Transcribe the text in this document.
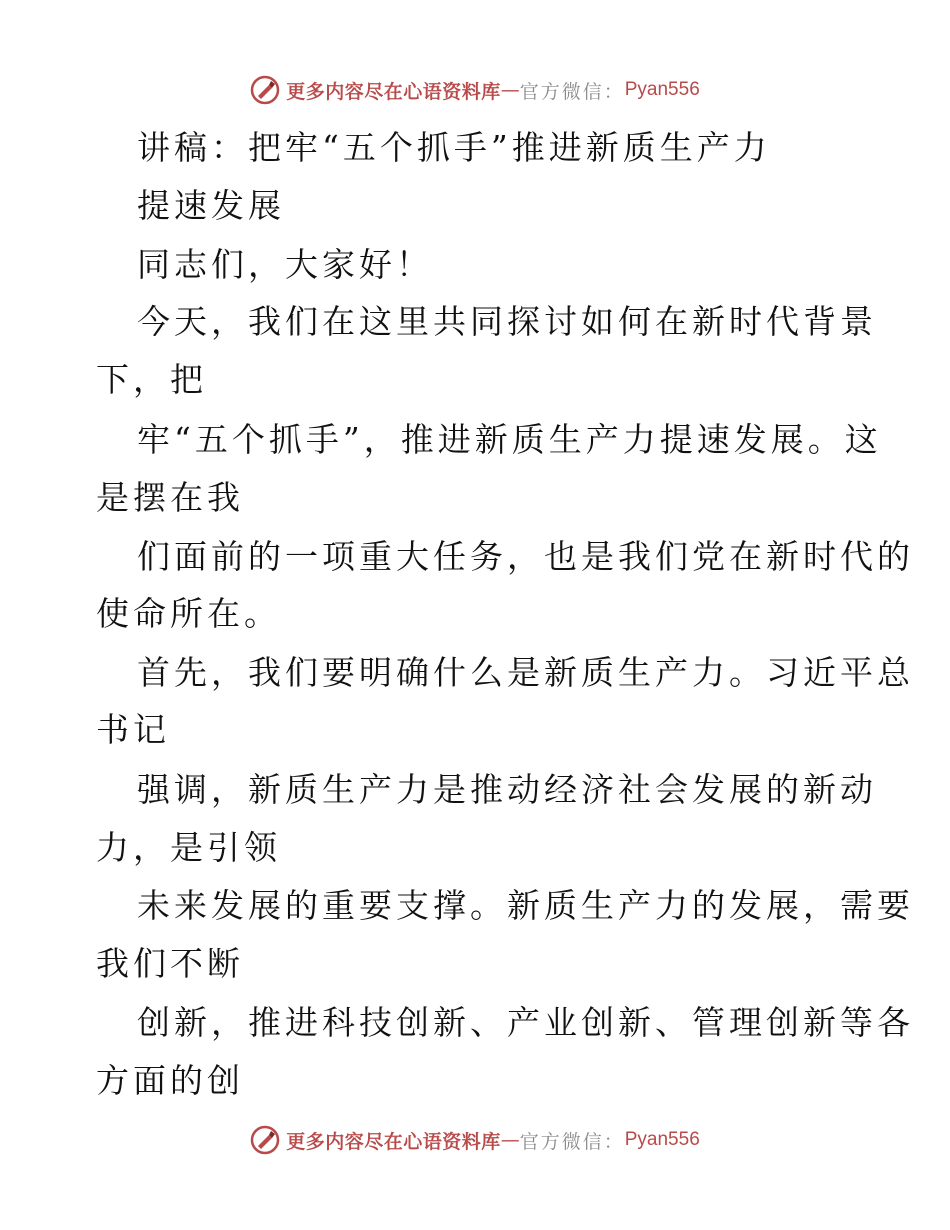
更多内容尽在心语资料库 — 官方微信： Pyan556
讲稿：把牢“五个抓手”推进新质生产力
提速发展
同志们，大家好！
今天，我们在这里共同探讨如何在新时代背景
下，把
牢“五个抓手”，推进新质生产力提速发展。这
是摆在我
们面前的一项重大任务，也是我们党在新时代的
使命所在。
首先，我们要明确什么是新质生产力。习近平总
书记
强调，新质生产力是推动经济社会发展的新动
力，是引领
未来发展的重要支撑。新质生产力的发展，需要
我们不断
创新，推进科技创新、产业创新、管理创新等各
方面的创
更多内容尽在心语资料库 — 官方微信： Pyan556
